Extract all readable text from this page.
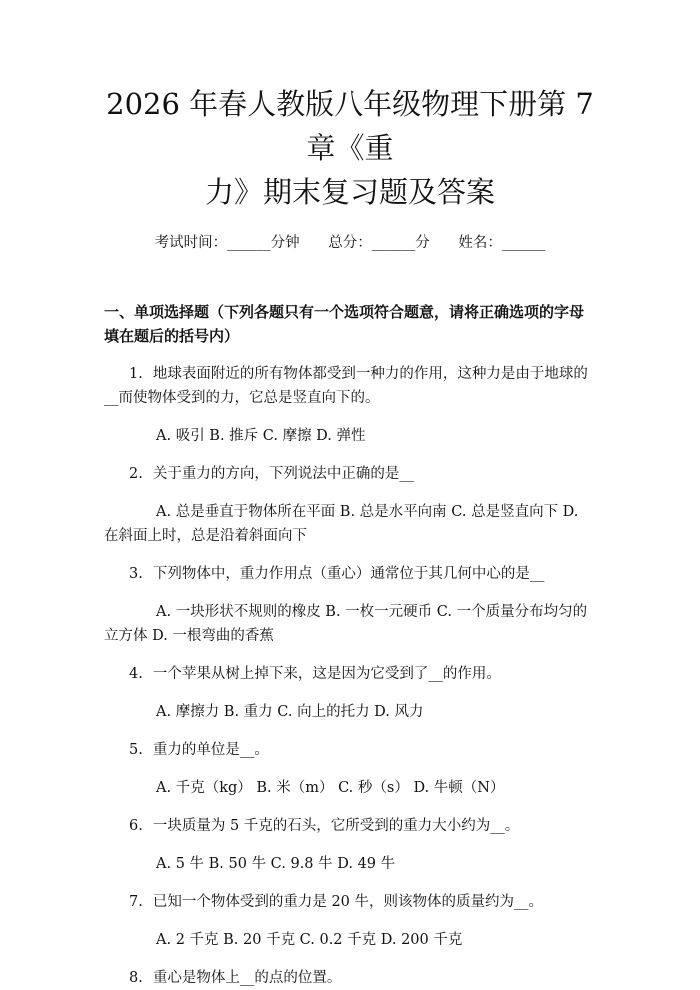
2026 年春人教版八年级物理下册第 7 章《重
力》期末复习题及答案
考试时间：______分钟 总分：______分 姓名：______
一、单项选择题（下列各题只有一个选项符合题意，请将正确选项的字母填在题后的括号内）
1. 地球表面附近的所有物体都受到一种力的作用，这种力是由于地球的__而使物体受到的力，它总是竖直向下的。
A. 吸引 B. 推斥 C. 摩擦 D. 弹性
2. 关于重力的方向，下列说法中正确的是__
A. 总是垂直于物体所在平面 B. 总是水平向南 C. 总是竖直向下 D. 在斜面上时，总是沿着斜面向下
3. 下列物体中，重力作用点（重心）通常位于其几何中心的是__
A. 一块形状不规则的橡皮 B. 一枚一元硬币 C. 一个质量分布均匀的立方体 D. 一根弯曲的香蕉
4. 一个苹果从树上掉下来，这是因为它受到了__的作用。
A. 摩擦力 B. 重力 C. 向上的托力 D. 风力
5. 重力的单位是__。
A. 千克（kg） B. 米（m） C. 秒（s） D. 牛顿（N）
6. 一块质量为 5 千克的石头，它所受到的重力大小约为__。
A. 5 牛 B. 50 牛 C. 9.8 牛 D. 49 牛
7. 已知一个物体受到的重力是 20 牛，则该物体的质量约为__。
A. 2 千克 B. 20 千克 C. 0.2 千克 D. 200 千克
8. 重心是物体上__的点的位置。
